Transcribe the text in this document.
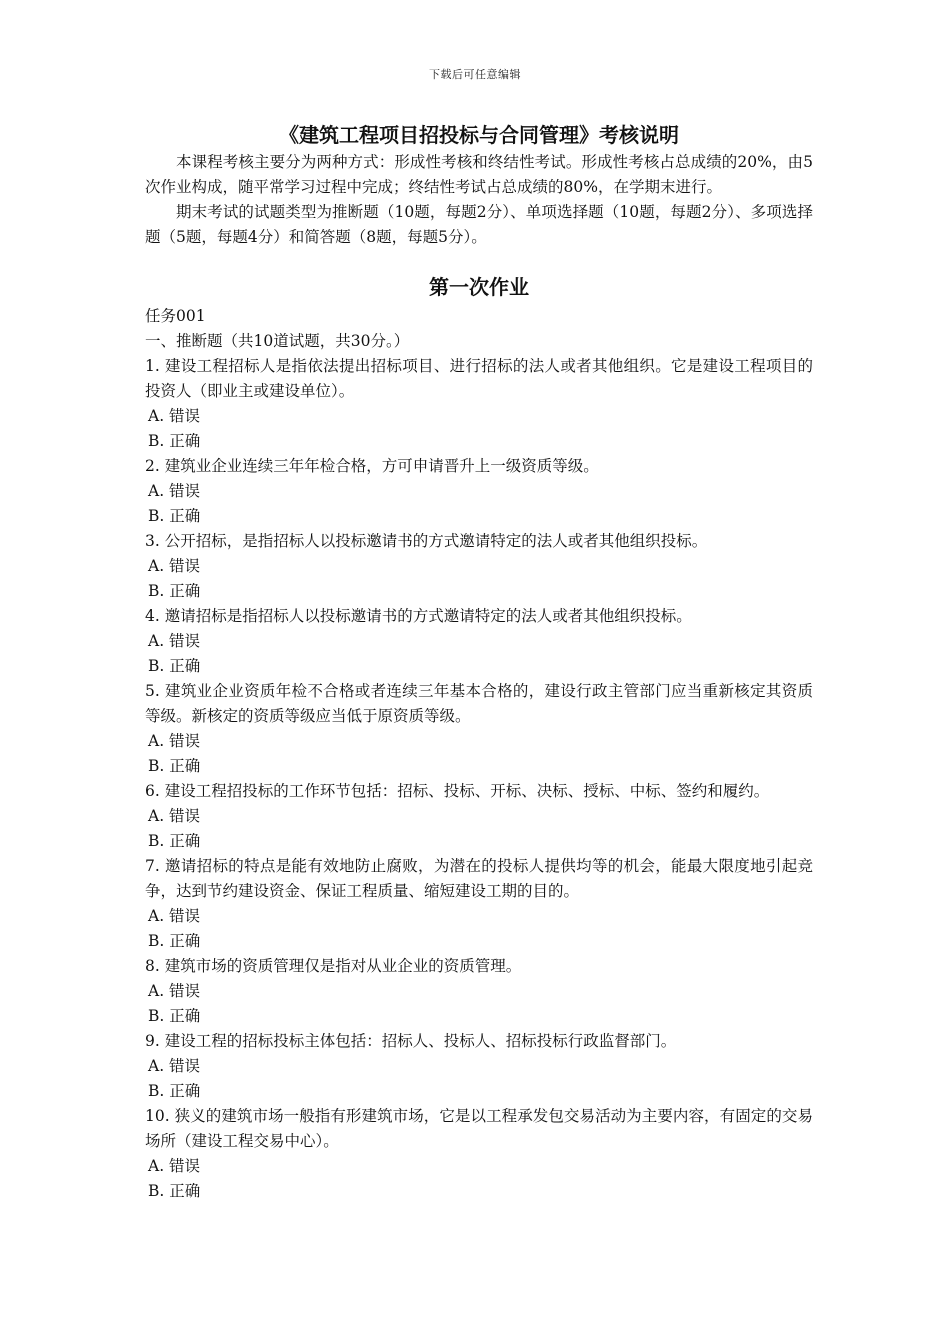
下载后可任意编辑
《建筑工程项目招投标与合同管理》考核说明

本课程考核主要分为两种方式：形成性考核和终结性考试。形成性考核占总成绩的20%，由5次作业构成，随平常学习过程中完成；终结性考试占总成绩的80%，在学期末进行。

期末考试的试题类型为推断题（10题，每题2分）、单项选择题（10题，每题2分）、多项选择题（5题，每题4分）和简答题（8题，每题5分）。

第一次作业

任务001

一、推断题（共10道试题，共30分。）

1. 建设工程招标人是指依法提出招标项目、进行招标的法人或者其他组织。它是建设工程项目的投资人（即业主或建设单位）。

A. 错误

B. 正确

2. 建筑业企业连续三年年检合格，方可申请晋升上一级资质等级。

A. 错误

B. 正确

3. 公开招标，是指招标人以投标邀请书的方式邀请特定的法人或者其他组织投标。

A. 错误

B. 正确

4. 邀请招标是指招标人以投标邀请书的方式邀请特定的法人或者其他组织投标。

A. 错误

B. 正确

5. 建筑业企业资质年检不合格或者连续三年基本合格的，建设行政主管部门应当重新核定其资质等级。新核定的资质等级应当低于原资质等级。

A. 错误

B. 正确

6. 建设工程招投标的工作环节包括：招标、投标、开标、决标、授标、中标、签约和履约。

A. 错误

B. 正确

7. 邀请招标的特点是能有效地防止腐败，为潜在的投标人提供均等的机会，能最大限度地引起竞争，达到节约建设资金、保证工程质量、缩短建设工期的目的。

A. 错误

B. 正确

8. 建筑市场的资质管理仅是指对从业企业的资质管理。

A. 错误

B. 正确

9. 建设工程的招标投标主体包括：招标人、投标人、招标投标行政监督部门。

A. 错误

B. 正确

10. 狭义的建筑市场一般指有形建筑市场，它是以工程承发包交易活动为主要内容，有固定的交易场所（建设工程交易中心）。

A. 错误

B. 正确
